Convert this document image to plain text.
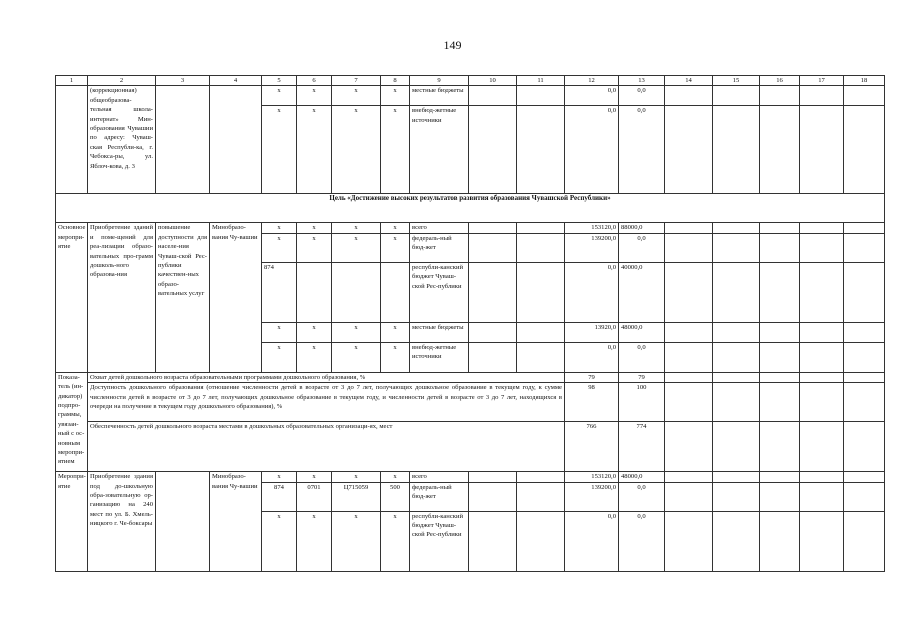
149
1	2	3	4	5	6	7	8	9	10	11	12	13	14	15	16	17	18
	(коррекционная) общеобразова-тельная школа-интернат» Мин-образования Чувашии по адресу: Чуваш-ская Республи-ка, г. Чебокса-ры, ул. Яблоч-кова, д. 3			х	х	х	х	местные бюджеты			0,0	0,0					
				х	х	х	х	внебюд-жетные источники			0,0	0,0					
Цель «Достижение высоких результатов развития образования Чувашской Республики»																	
Основное меропри-ятие	Приобретение зданий и поме-щений для реа-лизации образо-вательных про-грамм дошколь-ного образова-ния	повышение доступности для населе-ния Чуваш-ской Рес-публики качествен-ных образо-вательных услуг	Минобразо-вания Чу-вашии	х	х	х	х	всего			153120,0	88000,0					
				х	х	х	х	федераль-ный бюд-жет			139200,0	0,0					
				874				республи-канский бюджет Чуваш-ской Рес-публики			0,0	40000,0					
				х	х	х	х	местные бюджеты			13920,0	48000,0					
				х	х	х	х	внебюд-жетные источники			0,0	0,0					
Показа-тель (ин-дикатор) подпро-граммы, увязан-ный с ос-новным меропри-ятием	Охват детей дошкольного возраста образовательными программами дошкольного образования, %										79	79					
	Доступность дошкольного образования (отношение численности детей в возрасте от 3 до 7 лет, получающих дошкольное образование в текущем году, к сумме численности детей в возрасте от 3 до 7 лет, получающих дошкольное образование в текущем году, и численности детей в возрасте от 3 до 7 лет, находящихся в очереди на получение в текущем году дошкольного образования), %										98	100					
	Обеспеченность детей дошкольного возраста местами в дошкольных образовательных организаци-ях, мест										766	774					
Меропри-ятие	Приобретение здания под до-школьную обра-зовательную ор-ганизацию на 240 мест по ул. Б. Хмель-ницкого г. Че-боксары		Минобразо-вания Чу-вашии	х	х	х	х	всего			153120,0	48000,0					
				874	0701	Ц715059	500	федераль-ный бюд-жет			139200,0	0,0					
				х	х	х	х	республи-канский бюджет Чуваш-ской Рес-публики			0,0	0,0					
